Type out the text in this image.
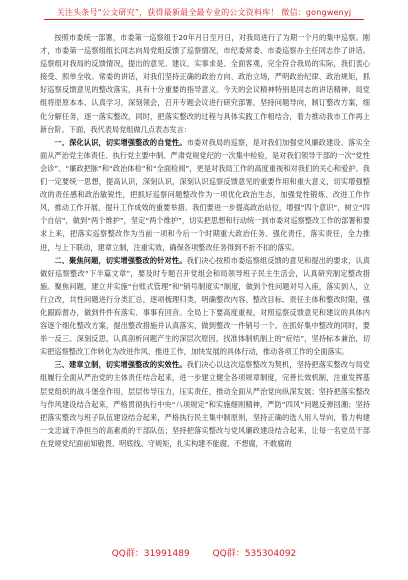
关注头条号“公文研究”，获得最新最全最专业的公文资料库！ 微信：gongwenyj

按照市委统一部署，市委第一巡察组于20年月日至月日，对我局进行了为期一个月的集中巡察。刚才，市委第一巡察组组长同志向局党组反馈了巡察情况，市纪委常委、市委巡察办主任同志作了讲话。巡察组对我局的反馈情况，提出的意见、建议，实事求是、全面客观，完全符合我局的实际，我们衷心接受、照单全收。常委的讲话，对我们坚持正确的政治方向、政治立场，严明政治纪律、政治规矩，抓好巡察反馈意见的整改落实，具有十分重要的指导意义。今天的会议精神特别是同志的讲话精神，局党组将原原本本、认真学习，深刻领会，召开专题会议进行研究部署，坚持问题导向，制订整改方案，细化分解任务，逐一落实整改，同时，把落实整改的过程与具体实践工作相结合，着力推动我市工作再上新台阶。下面，我代表局党组做几点表态发言：

一、深化认识，切实增强整改的自觉性。市委对我局的巡察，是对我们加强党风廉政建设、落实全面从严治党主体责任、执行党主要中制、严肃党规党纪的一次集中检验，是对我们领导干部的一次“党性会诊”、“廉政把脉”和“政治体检”和“全面检阅”，更是对我局工作的高度重视和对我们的关心和爱护。我们一定要统一思想，提高认识，深刻认识，深刻认识巡察反馈意见的重要作用和重大意义，切实增强整改的责任感和政治敏锐性，把抓好巡察问题整改作为一项优化政治生态，加强党性锻炼、改进工作作风，推动工作开展、提升工作成效的重要举措。我们要进一步提高政治站位，增强“四个意识”，树立“四个自信”，做到“两个维护”，坚定“两个维护”，切实把思想和行动统一到市委对巡察整改工作的部署和要求上来，把落实巡察整改作为当前一项和今后一个时期重大政治任务、强化责任，落实责任，全力推进，与上下联动，建章立制，注重实效，确保各项整改任务得到不折不扣的落实。

二、聚焦问题，切实增强整改的针对性。我们决心按照市委巡察组反馈的意见和提出的要求，认真做好巡察整改“下半篇文章”，要及时专题召开党组会和局领导班子民主生活会，认真研究制定整改措施。聚焦问题，建立并实施“台账式管理”和“销号制度实”制度，做到个性问题对号入座，落实到人，立行立改，共性问题进行分类汇总，逐项梳理归类，明确整改内容、整改目标、责任主体和整改时限，强化跟踪督办，做到件件有落实、事事有回音。全局上下要高度重视，对照巡察反馈意见和建议的具体内容逐个细化整改方案，提出整改措施并认真落实，做到整改一件销号一个。在抓好集中整改的同时，要举一反三、深刻反思，认真剖析问题产生的深层次原因，找准体制机制上的“症结”，坚持标本兼治，切实把巡察整改工作转化为改进作风、推进工作，加快发展的具体行动，推动各项工作的全面落实。

三、建章立制，切实增强整改的实效性。我们决心以这次巡察整改为契机，坚持把落实整改与局党组履行全面从严治党的主体责任结合起来，进一步建立健全各项规章制度，完善长效机制，注重发挥基层党组织的战斗堡垒作用，层层传导压力，压实责任，推动全面从严治党向纵深发展；坚持把落实整改与作风建设结合起来，严格贯彻执行中央“八项规定”和实施细则精神，严防“四风”问题反弹回潮；坚持把落实整改与班子队伍建设结合起来，严格执行民主集中制原则，坚持正确的选人用人导向，着力构建一支忠诚干净担当的高素质的干部队伍；坚持把落实整改与党风廉政建设结合起来，让每一名党员干部在党规党纪面前知敬畏、明底线、守规矩，扎实构建不能腐、不想腐，不敢腐的

QQ群：31991489	QQ群：535304092
